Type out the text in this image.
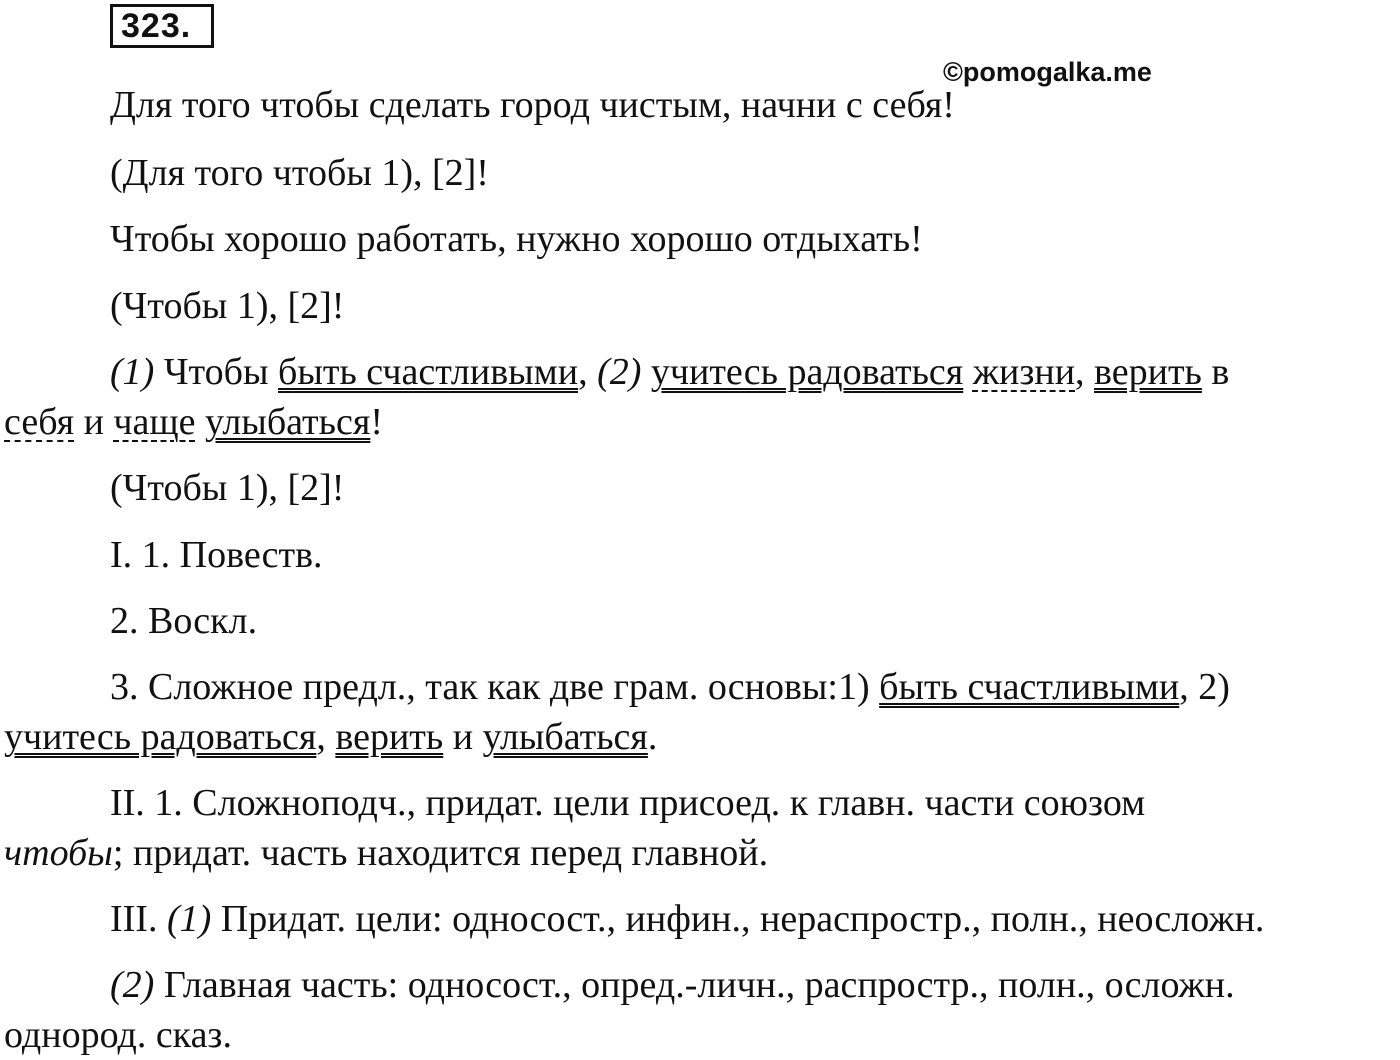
323.
©pomogalka.me
Для того чтобы сделать город чистым, начни с себя!
(Для того чтобы 1), [2]!
Чтобы хорошо работать, нужно хорошо отдыхать!
(Чтобы 1), [2]!
(1) Чтобы быть счастливыми, (2) учитесь радоваться жизни, верить в
себя и чаще улыбаться!
(Чтобы 1), [2]!
I. 1. Повеств.
2. Воскл.
3. Сложное предл., так как две грам. основы:1) быть счастливыми, 2)
учитесь радоваться, верить и улыбаться.
II. 1. Сложноподч., придат. цели присоед. к главн. части союзом
чтобы; придат. часть находится перед главной.
III. (1) Придат. цели: односост., инфин., нераспростр., полн., неосложн.
(2) Главная часть: односост., опред.-личн., распростр., полн., осложн.
однород. сказ.
